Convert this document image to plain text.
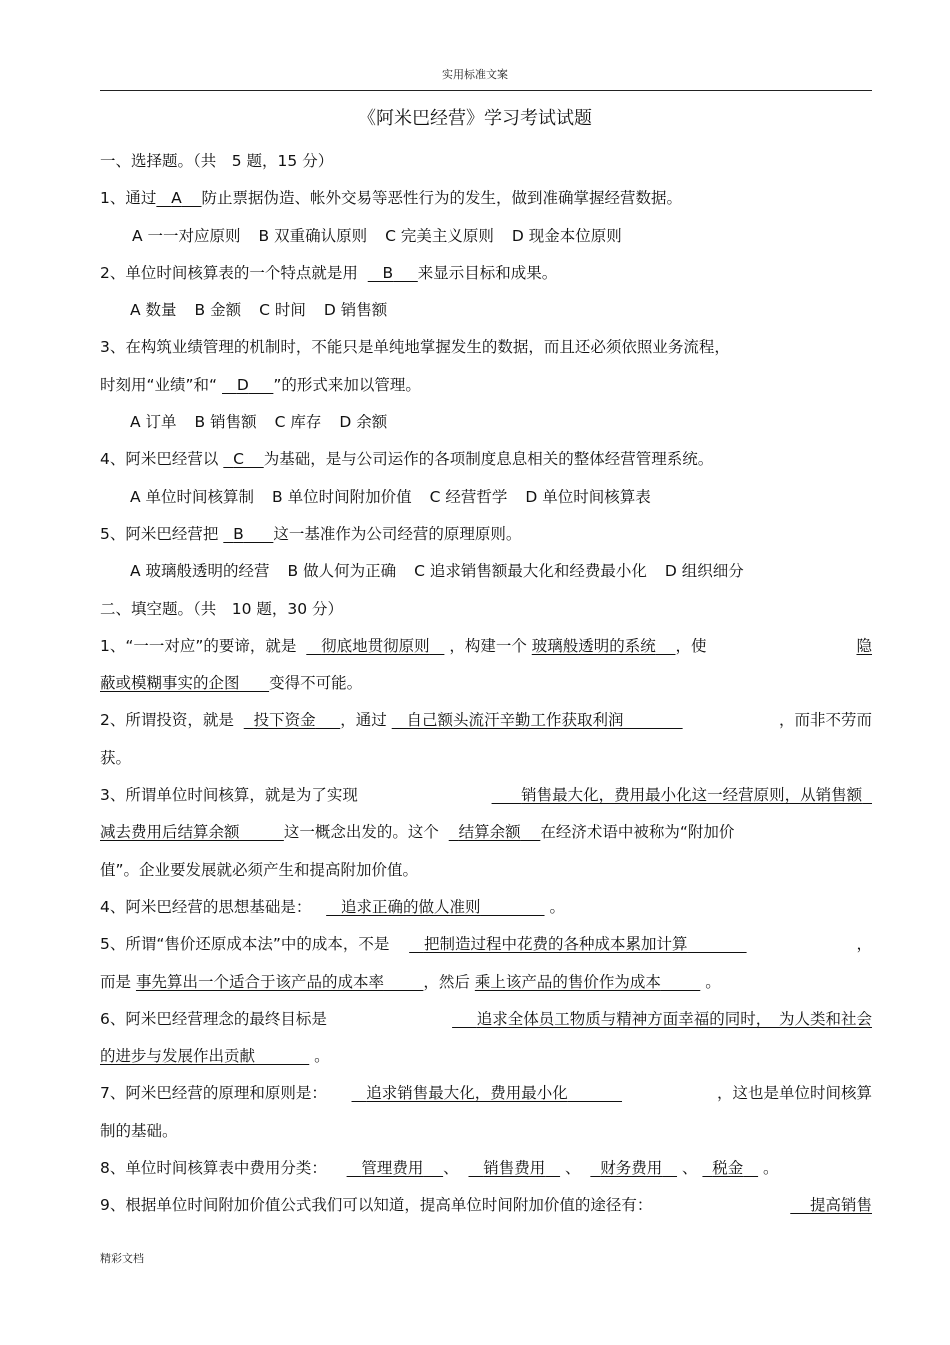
实用标准文案
《阿米巴经营》学习考试试题
一、选择题。（共　5 题，15 分）
1、通过 A 防止票据伪造、帐外交易等恶性行为的发生，做到准确掌握经营数据。
A 一一对应原则 B 双重确认原则 C 完美主义原则 D 现金本位原则
2、单位时间核算表的一个特点就是用 B 来显示目标和成果。
A 数量 B 金额 C 时间 D 销售额
3、在构筑业绩管理的机制时，不能只是单纯地掌握发生的数据，而且还必须依照业务流程，
时刻用“业绩”和“ D ”的形式来加以管理。
A 订单 B 销售额 C 库存 D 余额
4、阿米巴经营以 C 为基础，是与公司运作的各项制度息息相关的整体经营管理系统。
A 单位时间核算制 B 单位时间附加价值 C 经营哲学 D 单位时间核算表
5、阿米巴经营把 B 这一基准作为公司经营的原理原则。
A 玻璃般透明的经营 B 做人何为正确 C 追求销售额最大化和经费最小化 D 组织细分
二、填空题。（共　10 题，30 分）
1、“一一对应”的要谛，就是 彻底地贯彻原则 ，构建一个 玻璃般透明的系统 ，使	隐
蔽或模糊事实的企图 变得不可能。
2、所谓投资，就是 投下资金 ，通过 自己额头流汗辛勤工作获取利润	，而非不劳而
获。
3、所谓单位时间核算，就是为了实现	销售最大化，费用最小化这一经营原则，从销售额
减去费用后结算余额	这一概念出发的。这个 结算余额 在经济术语中被称为“附加价
值”。企业要发展就必须产生和提高附加价值。
4、阿米巴经营的思想基础是： 追求正确的做人准则	。
5、所谓“售价还原成本法”中的成本，不是 把制造过程中花费的各种成本累加计算	，
而是 事先算出一个适合于该产品的成本率	，然后 乘上该产品的售价作为成本	。
6、阿米巴经营理念的最终目标是	追求全体员工物质与精神方面幸福的同时，　为人类和社会
的进步与发展作出贡献	。
7、阿米巴经营的原理和原则是：	追求销售最大化，费用最小化	，这也是单位时间核算
制的基础。
8、单位时间核算表中费用分类： 管理费用 、 销售费用 、 财务费用 、 税金 。
9、根据单位时间附加价值公式我们可以知道，提高单位时间附加价值的途径有：	提高销售
精彩文档
